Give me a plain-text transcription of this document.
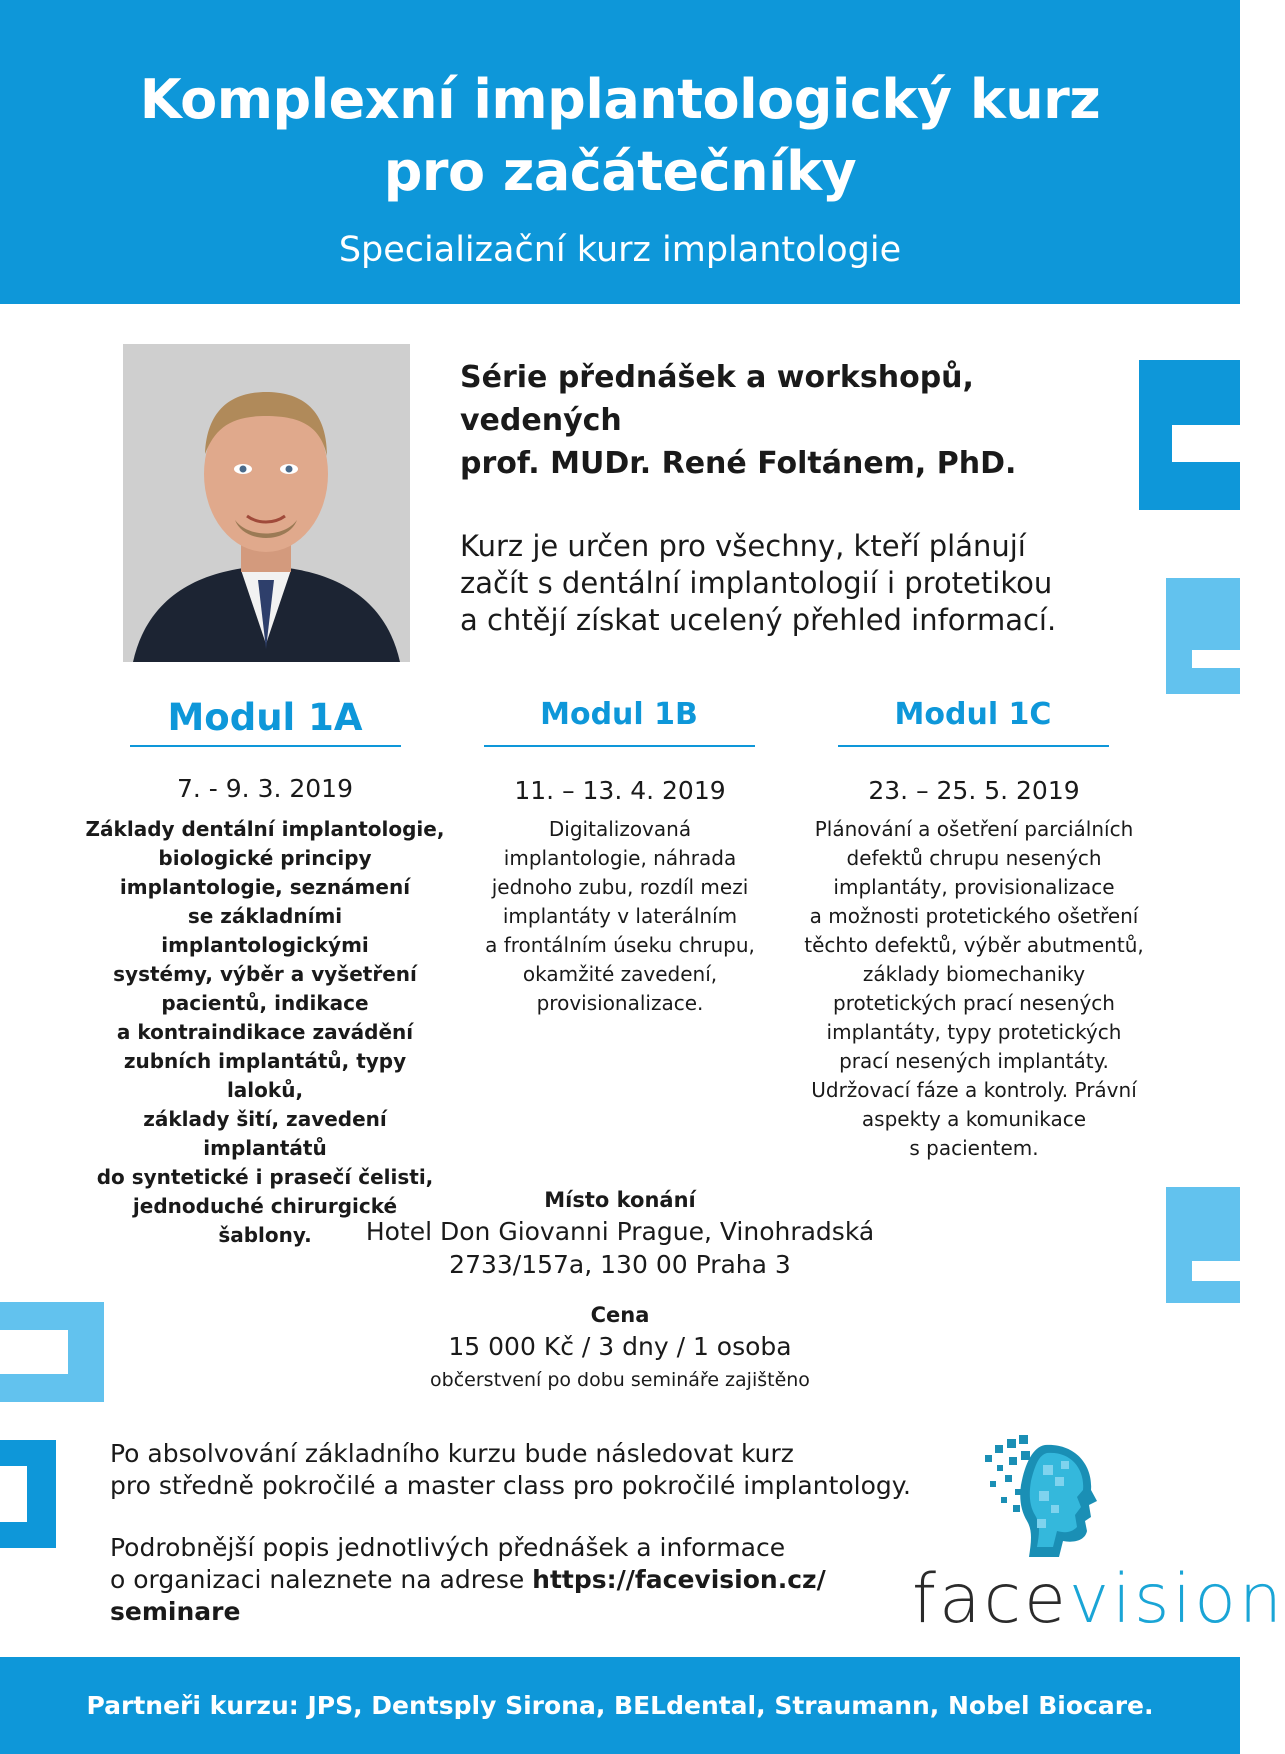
Komplexní implantologický kurz
pro začátečníky
Specializační kurz implantologie
Série přednášek a workshopů,
vedených
prof. MUDr. René Foltánem, PhD.
Kurz je určen pro všechny, kteří plánují
začít s dentální implantologií i protetikou
a chtějí získat ucelený přehled informací.
Modul 1A
7. - 9. 3. 2019
Základy dentální implantologie,
biologické principy
implantologie, seznámení
se základními implantologickými
systémy, výběr a vyšetření
pacientů, indikace
a kontraindikace zavádění
zubních implantátů, typy laloků,
základy šití, zavedení implantátů
do syntetické i prasečí čelisti,
jednoduché chirurgické šablony.
Modul 1B
11. – 13. 4. 2019
Digitalizovaná
implantologie, náhrada
jednoho zubu, rozdíl mezi
implantáty v laterálním
a frontálním úseku chrupu,
okamžité zavedení,
provisionalizace.
Modul 1C
23. – 25. 5. 2019
Plánování a ošetření parciálních
defektů chrupu nesených
implantáty, provisionalizace
a možnosti protetického ošetření
těchto defektů, výběr abutmentů,
základy biomechaniky
protetických prací nesených
implantáty, typy protetických
prací nesených implantáty.
Udržovací fáze a kontroly. Právní
aspekty a komunikace
s pacientem.
Místo konání
Hotel Don Giovanni Prague, Vinohradská
2733/157a, 130 00 Praha 3
Cena
15 000 Kč / 3 dny / 1 osoba
občerstvení po dobu semináře zajištěno
Po absolvování základního kurzu bude následovat kurz
pro středně pokročilé a master class pro pokročilé implantology.
Podrobnější popis jednotlivých přednášek a informace
o organizaci naleznete na adrese https://facevision.cz/
seminare	facevision
Partneři kurzu: JPS, Dentsply Sirona, BELdental, Straumann, Nobel Biocare.
